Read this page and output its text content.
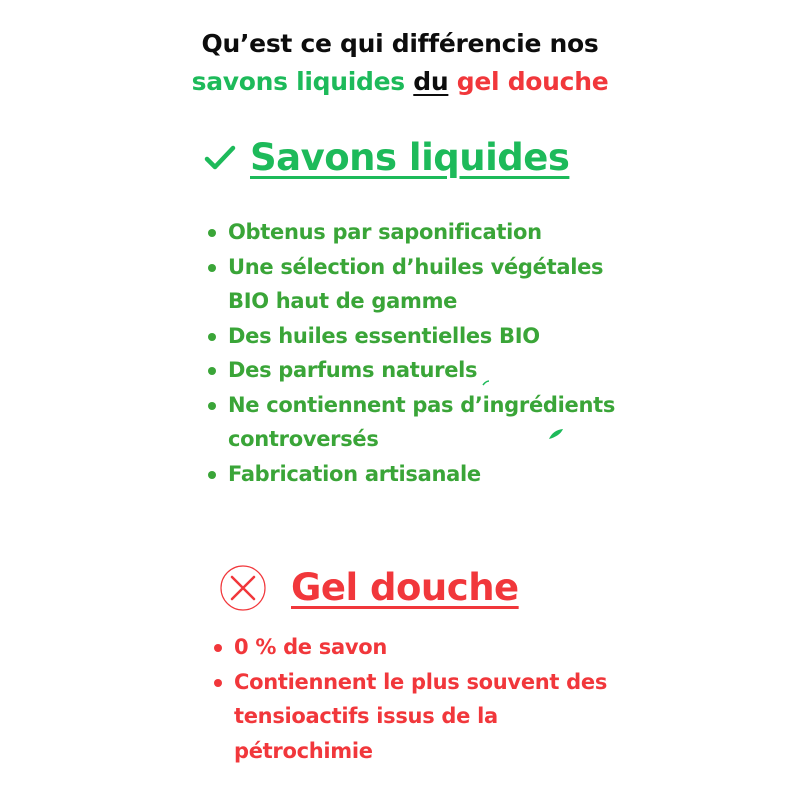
Qu’est ce qui différencie nos
savons liquides du gel douche
Savons liquides
Obtenus par saponification
Une sélection d’huiles végétales BIO haut de gamme
Des huiles essentielles BIO
Des parfums naturels
Ne contiennent pas d’ingrédients controversés
Fabrication artisanale
Gel douche
0 % de savon
Contiennent le plus souvent des tensioactifs issus de la pétrochimie
